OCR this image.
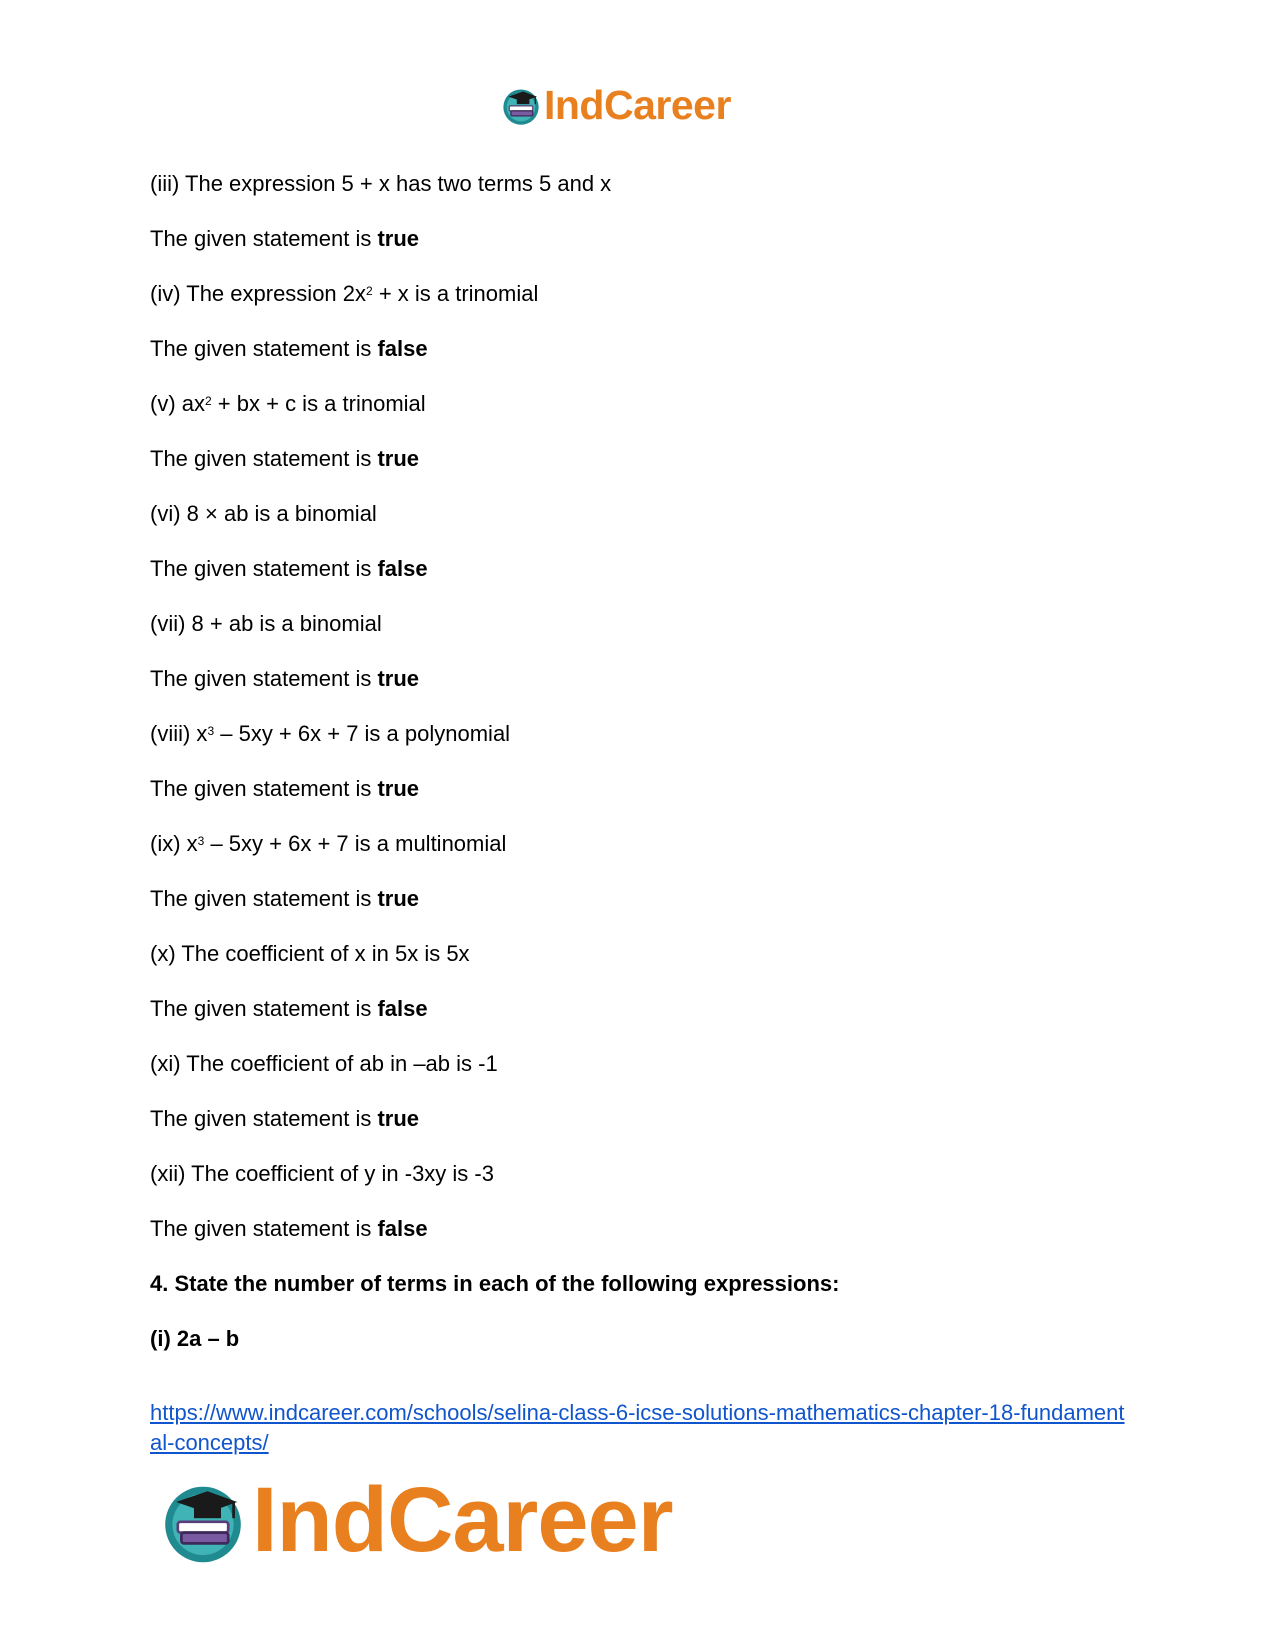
IndCareer

(iii) The expression 5 + x has two terms 5 and x

The given statement is true

(iv) The expression $2x^2 + x$ is a trinomial

The given statement is false

(v) $ax^2$ + bx + c is a trinomial

The given statement is true

(vi) 8 × ab is a binomial

The given statement is false

(vii) 8 + ab is a binomial

The given statement is true

(viii) $x^3 - 5xy + 6x + 7$ is a polynomial

The given statement is true

(ix) $x^3 - 5xy + 6x + 7$ is a multinomial

The given statement is true

(x) The coefficient of x in 5x is 5x

The given statement is false

(xi) The coefficient of ab in –ab is -1

The given statement is true

(xii) The coefficient of y in -3xy is -3

The given statement is false

4. State the number of terms in each of the following expressions:

(i) 2a – b

https://www.indcareer.com/schools/selina-class-6-icse-solutions-mathematics-chapter-18-fundamental-concepts/
IndCareer
